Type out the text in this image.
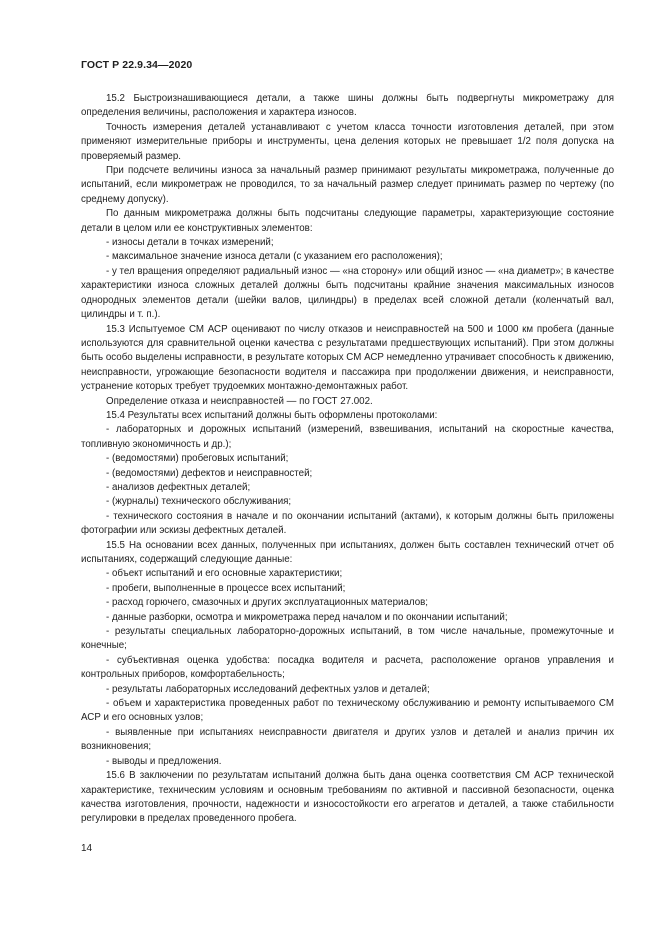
ГОСТ Р 22.9.34—2020

15.2 Быстроизнашивающиеся детали, а также шины должны быть подвергнуты микрометражу для определения величины, расположения и характера износов.

Точность измерения деталей устанавливают с учетом класса точности изготовления деталей, при этом применяют измерительные приборы и инструменты, цена деления которых не превышает 1/2 поля допуска на проверяемый размер.

При подсчете величины износа за начальный размер принимают результаты микрометража, полученные до испытаний, если микрометраж не проводился, то за начальный размер следует принимать размер по чертежу (по среднему допуску).

По данным микрометража должны быть подсчитаны следующие параметры, характеризующие состояние детали в целом или ее конструктивных элементов:

- износы детали в точках измерений;

- максимальное значение износа детали (с указанием его расположения);

- у тел вращения определяют радиальный износ — «на сторону» или общий износ — «на диаметр»; в качестве характеристики износа сложных деталей должны быть подсчитаны крайние значения максимальных износов однородных элементов детали (шейки валов, цилиндры) в пределах всей сложной детали (коленчатый вал, цилиндры и т. п.).

15.3 Испытуемое СМ АСР оценивают по числу отказов и неисправностей на 500 и 1000 км пробега (данные используются для сравнительной оценки качества с результатами предшествующих испытаний). При этом должны быть особо выделены исправности, в результате которых СМ АСР немедленно утрачивает способность к движению, неисправности, угрожающие безопасности водителя и пассажира при продолжении движения, и неисправности, устранение которых требует трудоемких монтажно-демонтажных работ.

Определение отказа и неисправностей — по ГОСТ 27.002.

15.4 Результаты всех испытаний должны быть оформлены протоколами:

- лабораторных и дорожных испытаний (измерений, взвешивания, испытаний на скоростные качества, топливную экономичность и др.);

- (ведомостями) пробеговых испытаний;

- (ведомостями) дефектов и неисправностей;

- анализов дефектных деталей;

- (журналы) технического обслуживания;

- технического состояния в начале и по окончании испытаний (актами), к которым должны быть приложены фотографии или эскизы дефектных деталей.

15.5 На основании всех данных, полученных при испытаниях, должен быть составлен технический отчет об испытаниях, содержащий следующие данные:

- объект испытаний и его основные характеристики;

- пробеги, выполненные в процессе всех испытаний;

- расход горючего, смазочных и других эксплуатационных материалов;

- данные разборки, осмотра и микрометража перед началом и по окончании испытаний;

- результаты специальных лабораторно-дорожных испытаний, в том числе начальные, промежуточные и конечные;

- субъективная оценка удобства: посадка водителя и расчета, расположение органов управления и контрольных приборов, комфортабельность;

- результаты лабораторных исследований дефектных узлов и деталей;

- объем и характеристика проведенных работ по техническому обслуживанию и ремонту испытываемого СМ АСР и его основных узлов;

- выявленные при испытаниях неисправности двигателя и других узлов и деталей и анализ причин их возникновения;

- выводы и предложения.

15.6 В заключении по результатам испытаний должна быть дана оценка соответствия СМ АСР технической характеристике, техническим условиям и основным требованиям по активной и пассивной безопасности, оценка качества изготовления, прочности, надежности и износостойкости его агрегатов и деталей, а также стабильности регулировки в пределах проведенного пробега.

14
